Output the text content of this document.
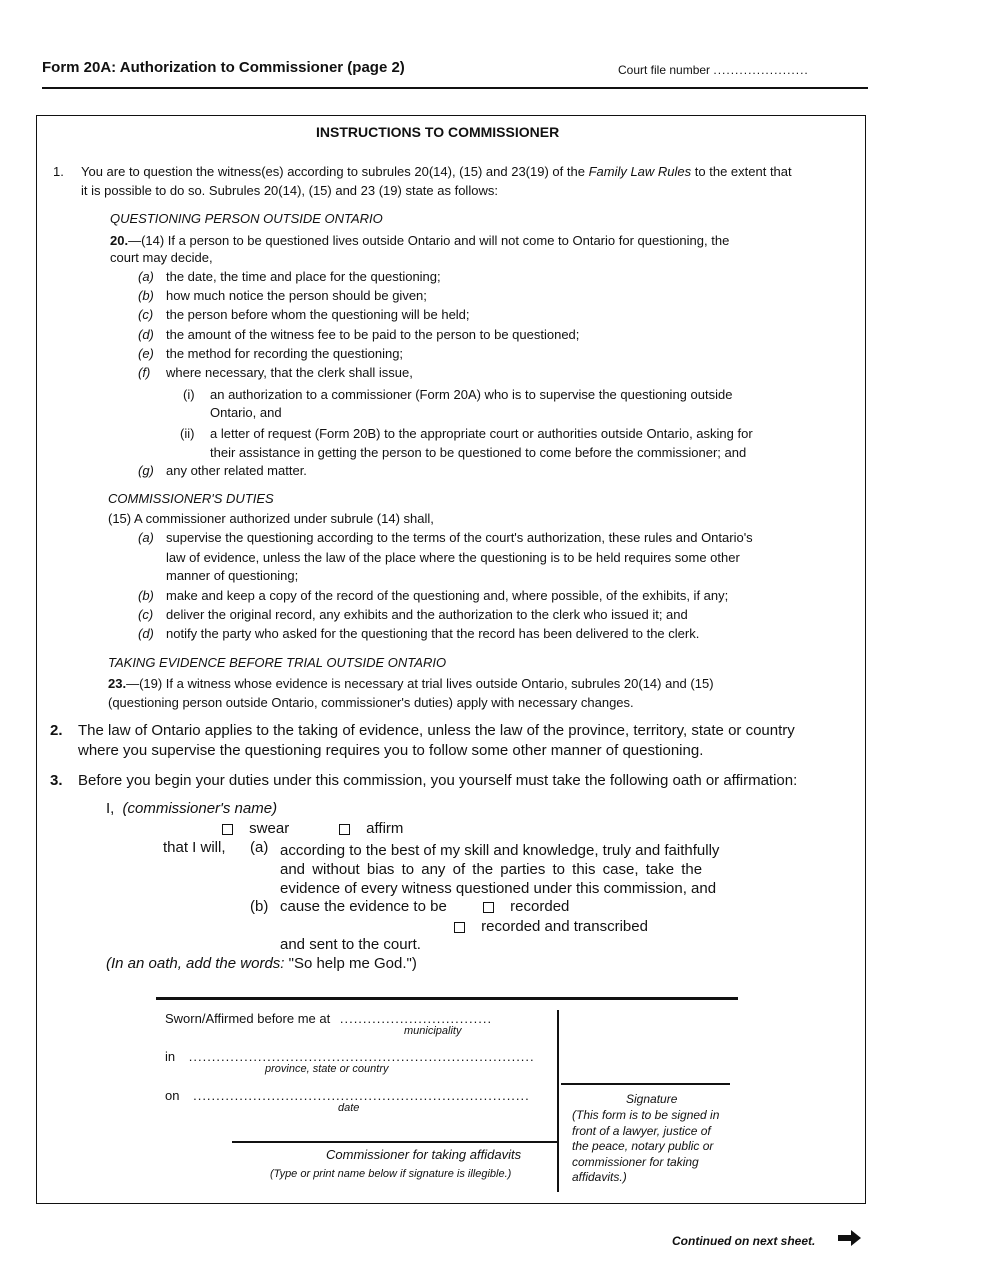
Form 20A: Authorization to Commissioner (page 2)	Court file number ......................
INSTRUCTIONS TO COMMISSIONER
1. You are to question the witness(es) according to subrules 20(14), (15) and 23(19) of the Family Law Rules to the extent that
it is possible to do so. Subrules 20(14), (15) and 23 (19) state as follows:
QUESTIONING PERSON OUTSIDE ONTARIO
20.—(14) If a person to be questioned lives outside Ontario and will not come to Ontario for questioning, the
court may decide,
(a) the date, the time and place for the questioning;
(b) how much notice the person should be given;
(c) the person before whom the questioning will be held;
(d) the amount of the witness fee to be paid to the person to be questioned;
(e) the method for recording the questioning;
(f) where necessary, that the clerk shall issue,
(i) an authorization to a commissioner (Form 20A) who is to supervise the questioning outside
Ontario, and
(ii) a letter of request (Form 20B) to the appropriate court or authorities outside Ontario, asking for
their assistance in getting the person to be questioned to come before the commissioner; and
(g) any other related matter.
COMMISSIONER'S DUTIES
(15) A commissioner authorized under subrule (14) shall,
(a) supervise the questioning according to the terms of the court's authorization, these rules and Ontario's
law of evidence, unless the law of the place where the questioning is to be held requires some other
manner of questioning;
(b) make and keep a copy of the record of the questioning and, where possible, of the exhibits, if any;
(c) deliver the original record, any exhibits and the authorization to the clerk who issued it; and
(d) notify the party who asked for the questioning that the record has been delivered to the clerk.
TAKING EVIDENCE BEFORE TRIAL OUTSIDE ONTARIO
23.—(19) If a witness whose evidence is necessary at trial lives outside Ontario, subrules 20(14) and (15)
(questioning person outside Ontario, commissioner's duties) apply with necessary changes.
2. The law of Ontario applies to the taking of evidence, unless the law of the province, territory, state or country
where you supervise the questioning requires you to follow some other manner of questioning.
3. Before you begin your duties under this commission, you yourself must take the following oath or affirmation:
I, (commissioner's name)
swear	affirm
that I will, (a) according to the best of my skill and knowledge, truly and faithfully
and without bias to any of the parties to this case, take the
evidence of every witness questioned under this commission, and
(b) cause the evidence to be	recorded
recorded and transcribed
and sent to the court.
(In an oath, add the words: "So help me God.")
Sworn/Affirmed before me at .................................
municipality
in ...........................................................................
province, state or country
on .........................................................................
date
Commissioner for taking affidavits
(Type or print name below if signature is illegible.)
Signature
(This form is to be signed in
front of a lawyer, justice of
the peace, notary public or
commissioner for taking
affidavits.)
Continued on next sheet.
